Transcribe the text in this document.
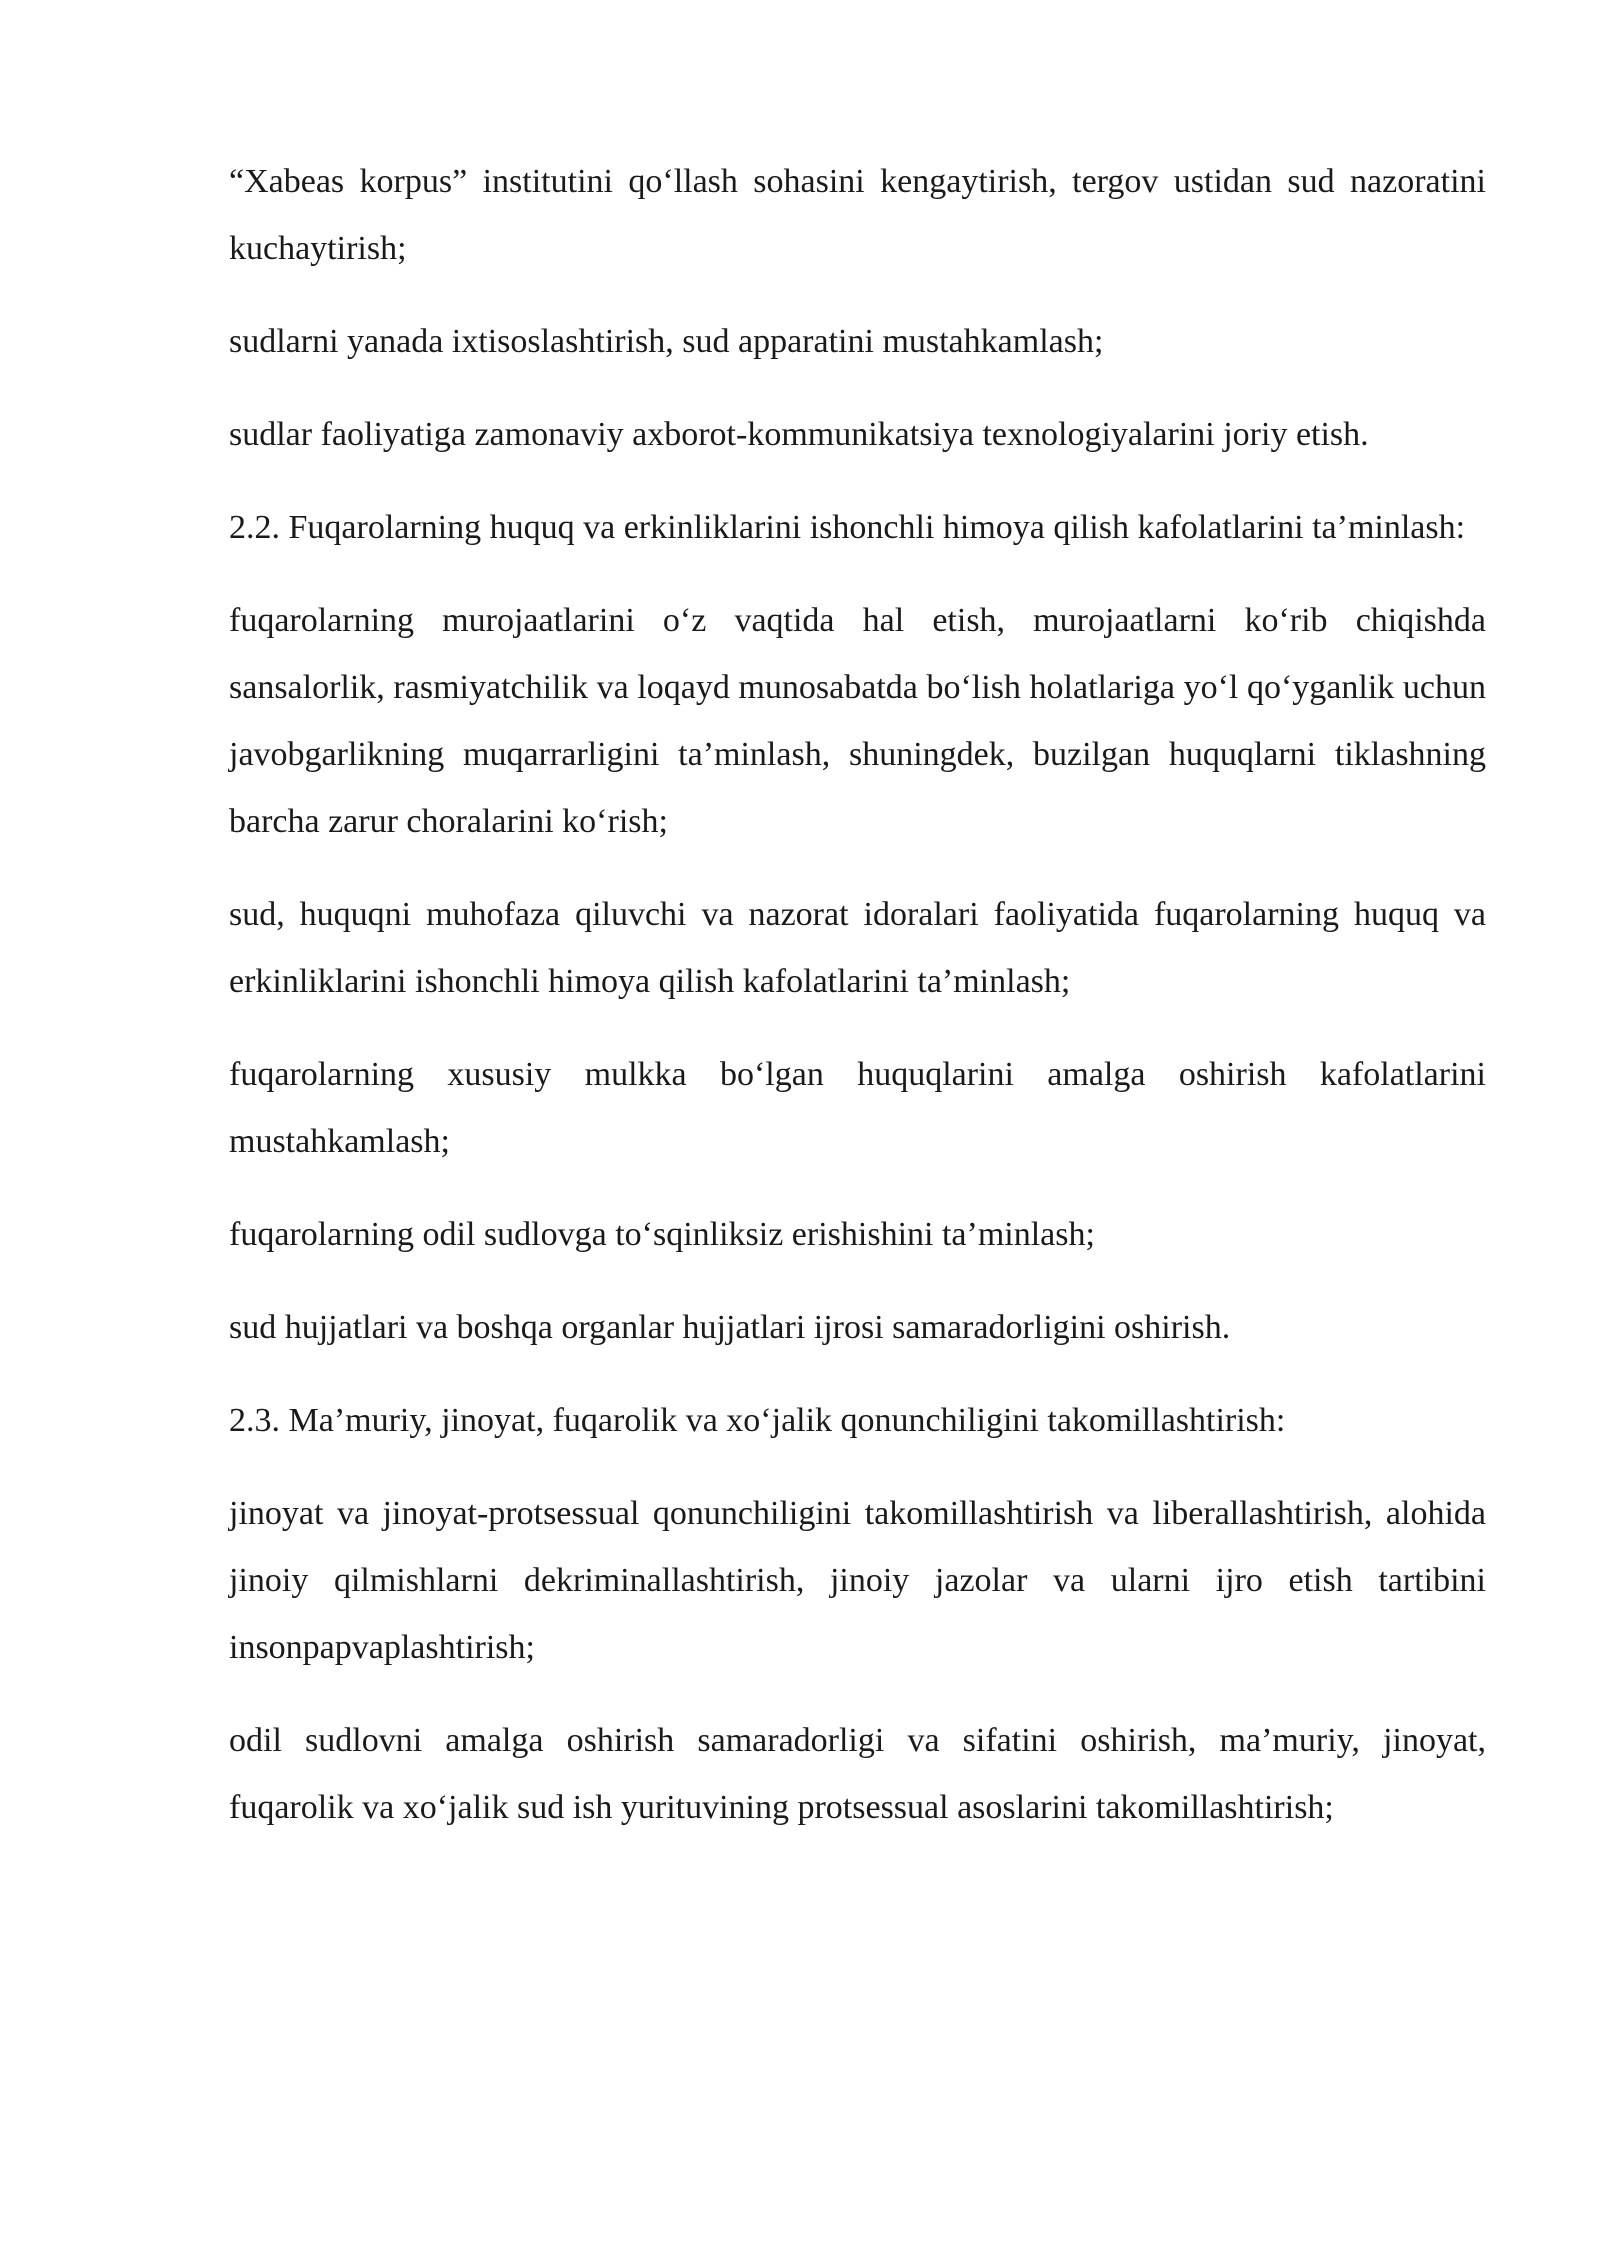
“Xabeas korpus” institutini qoʻllash sohasini kengaytirish, tergov ustidan sud nazoratini kuchaytirish;

sudlarni yanada ixtisoslashtirish, sud apparatini mustahkamlash;

sudlar faoliyatiga zamonaviy axborot-kommunikatsiya texnologiyalarini joriy etish.

2.2. Fuqarolarning huquq va erkinliklarini ishonchli himoya qilish kafolatlarini ta’minlash:

fuqarolarning murojaatlarini oʻz vaqtida hal etish, murojaatlarni koʻrib chiqishda sansalorlik, rasmiyatchilik va loqayd munosabatda boʻlish holatlariga yoʻl qoʻyganlik uchun javobgarlikning muqarrarligini ta’minlash, shuningdek, buzilgan huquqlarni tiklashning barcha zarur choralarini koʻrish;

sud, huquqni muhofaza qiluvchi va nazorat idoralari faoliyatida fuqarolarning huquq va erkinliklarini ishonchli himoya qilish kafolatlarini ta’minlash;

fuqarolarning xususiy mulkka boʻlgan huquqlarini amalga oshirish kafolatlarini mustahkamlash;

fuqarolarning odil sudlovga toʻsqinliksiz erishishini ta’minlash;

sud hujjatlari va boshqa organlar hujjatlari ijrosi samaradorligini oshirish.

2.3. Ma’muriy, jinoyat, fuqarolik va xoʻjalik qonunchiligini takomillashtirish:

jinoyat va jinoyat-protsessual qonunchiligini takomillashtirish va liberallashtirish, alohida jinoiy qilmishlarni dekriminallashtirish, jinoiy jazolar va ularni ijro etish tartibini insonpapvaplashtirish;

odil sudlovni amalga oshirish samaradorligi va sifatini oshirish, ma’muriy, jinoyat, fuqarolik va xoʻjalik sud ish yurituvining protsessual asoslarini takomillashtirish;
